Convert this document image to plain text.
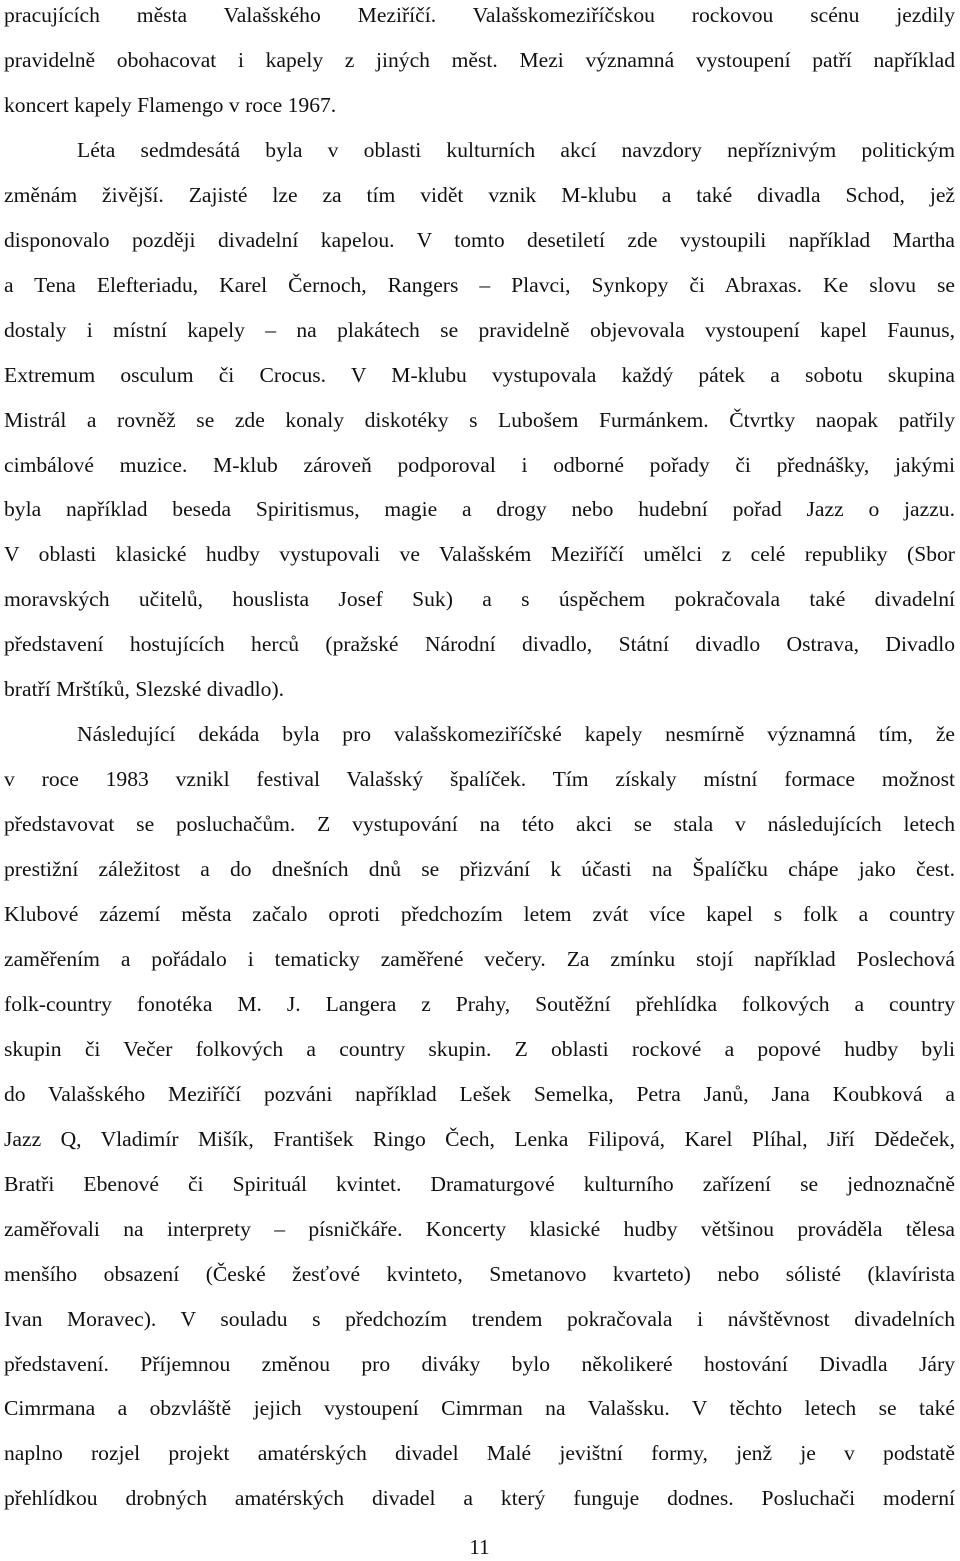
pracujících města Valašského Meziříčí. Valašskomeziříčskou rockovou scénu jezdily
pravidelně obohacovat i kapely z jiných měst. Mezi významná vystoupení patří například
koncert kapely Flamengo v roce 1967.
Léta sedmdesátá byla v oblasti kulturních akcí navzdory nepříznivým politickým
změnám živější. Zajisté lze za tím vidět vznik M-klubu a také divadla Schod, jež
disponovalo později divadelní kapelou. V tomto desetiletí zde vystoupili například Martha
a Tena Elefteriadu, Karel Černoch, Rangers – Plavci, Synkopy či Abraxas. Ke slovu se
dostaly i místní kapely – na plakátech se pravidelně objevovala vystoupení kapel Faunus,
Extremum osculum či Crocus. V M-klubu vystupovala každý pátek a sobotu skupina
Mistrál a rovněž se zde konaly diskotéky s Lubošem Furmánkem. Čtvrtky naopak patřily
cimbálové muzice. M-klub zároveň podporoval i odborné pořady či přednášky, jakými
byla například beseda Spiritismus, magie a drogy nebo hudební pořad Jazz o jazzu.
V oblasti klasické hudby vystupovali ve Valašském Meziříčí umělci z celé republiky (Sbor
moravských učitelů, houslista Josef Suk) a s úspěchem pokračovala také divadelní
představení hostujících herců (pražské Národní divadlo, Státní divadlo Ostrava, Divadlo
bratří Mrštíků, Slezské divadlo).
Následující dekáda byla pro valašskomeziříčské kapely nesmírně významná tím, že
v roce 1983 vznikl festival Valašský špalíček. Tím získaly místní formace možnost
představovat se posluchačům. Z vystupování na této akci se stala v následujících letech
prestižní záležitost a do dnešních dnů se přizvání k účasti na Špalíčku chápe jako čest.
Klubové zázemí města začalo oproti předchozím letem zvát více kapel s folk a country
zaměřením a pořádalo i tematicky zaměřené večery. Za zmínku stojí například Poslechová
folk-country fonotéka M. J. Langera z Prahy, Soutěžní přehlídka folkových a country
skupin či Večer folkových a country skupin. Z oblasti rockové a popové hudby byli
do Valašského Meziříčí pozváni například Lešek Semelka, Petra Janů, Jana Koubková a
Jazz Q, Vladimír Mišík, František Ringo Čech, Lenka Filipová, Karel Plíhal, Jiří Dědeček,
Bratři Ebenové či Spirituál kvintet. Dramaturgové kulturního zařízení se jednoznačně
zaměřovali na interprety – písničkáře. Koncerty klasické hudby většinou prováděla tělesa
menšího obsazení (České žesťové kvinteto, Smetanovo kvarteto) nebo sólisté (klavírista
Ivan Moravec). V souladu s předchozím trendem pokračovala i návštěvnost divadelních
představení. Příjemnou změnou pro diváky bylo několikeré hostování Divadla Járy
Cimrmana a obzvláště jejich vystoupení Cimrman na Valašsku. V těchto letech se také
naplno rozjel projekt amatérských divadel Malé jevištní formy, jenž je v podstatě
přehlídkou drobných amatérských divadel a který funguje dodnes. Posluchači moderní
11
